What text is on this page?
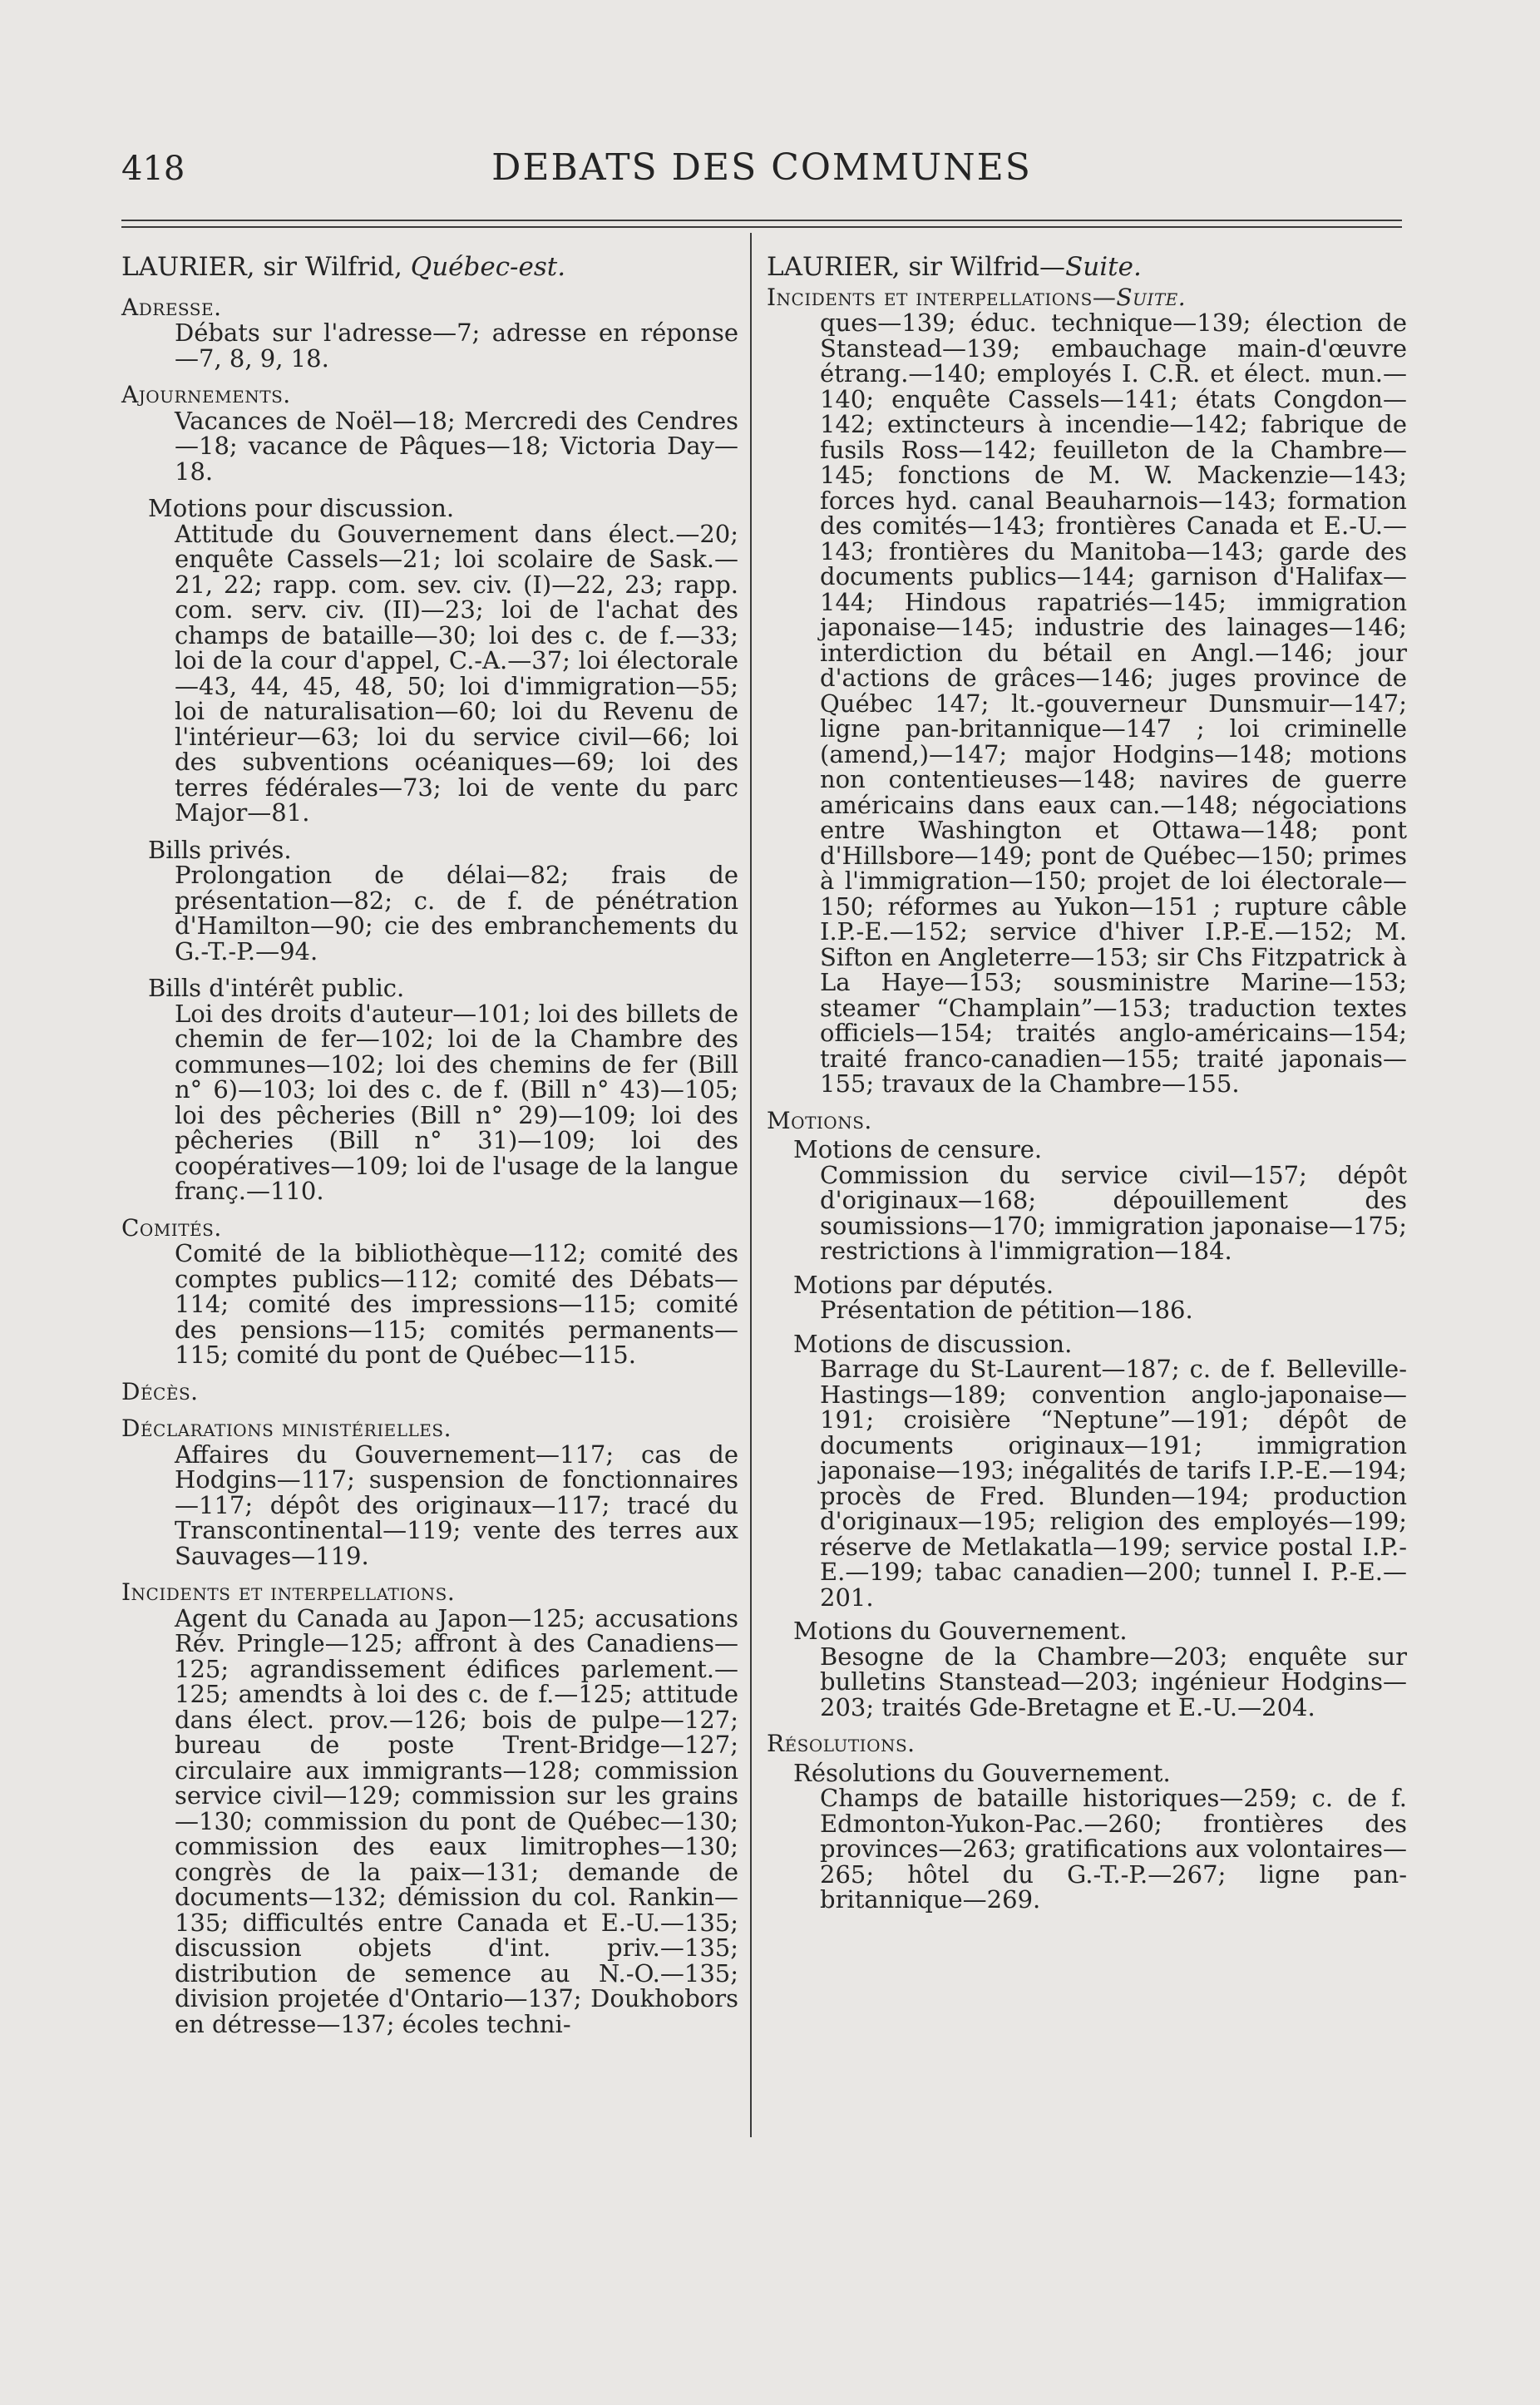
418	DEBATS DES COMMUNES
LAURIER, sir Wilfrid, Québec-est.
Adresse.
Débats sur l'adresse—7; adresse en réponse—7, 8, 9, 18.
Ajournements.
Vacances de Noël—18; Mercredi des Cendres—18; vacance de Pâques—18; Victoria Day—18.
Motions pour discussion.
Attitude du Gouvernement dans élect.—20; enquête Cassels—21; loi scolaire de Sask.—21, 22; rapp. com. sev. civ. (I)—22, 23; rapp. com. serv. civ. (II)—23; loi de l'achat des champs de bataille—30; loi des c. de f.—33; loi de la cour d'appel, C.-A.—37; loi électorale—43, 44, 45, 48, 50; loi d'immigration—55; loi de naturalisation—60; loi du Revenu de l'intérieur—63; loi du service civil—66; loi des subventions océaniques—69; loi des terres fédérales—73; loi de vente du parc Major—81.
Bills privés.
Prolongation de délai—82; frais de présentation—82; c. de f. de pénétration d'Hamilton—90; cie des embranchements du G.-T.-P.—94.
Bills d'intérêt public.
Loi des droits d'auteur—101; loi des billets de chemin de fer—102; loi de la Chambre des communes—102; loi des chemins de fer (Bill n° 6)—103; loi des c. de f. (Bill n° 43)—105; loi des pêcheries (Bill n° 29)—109; loi des pêcheries (Bill n° 31)—109; loi des coopératives—109; loi de l'usage de la langue franç.—110.
Comités.
Comité de la bibliothèque—112; comité des comptes publics—112; comité des Débats—114; comité des impressions—115; comité des pensions—115; comités permanents—115; comité du pont de Québec—115.
Décès.
Déclarations ministérielles.
Affaires du Gouvernement—117; cas de Hodgins—117; suspension de fonctionnaires—117; dépôt des originaux—117; tracé du Transcontinental—119; vente des terres aux Sauvages—119.
Incidents et interpellations.
Agent du Canada au Japon—125; accusations Rév. Pringle—125; affront à des Canadiens—125; agrandissement édifices parlement.—125; amendts à loi des c. de f.—125; attitude dans élect. prov.—126; bois de pulpe—127; bureau de poste Trent-Bridge—127; circulaire aux immigrants—128; commission service civil—129; commission sur les grains—130; commission du pont de Québec—130; commission des eaux limitrophes—130; congrès de la paix—131; demande de documents—132; démission du col. Rankin—135; difficultés entre Canada et E.-U.—135; discussion objets d'int. priv.—135; distribution de semence au N.-O.—135; division projetée d'Ontario—137; Doukhobors en détresse—137; écoles techni-
LAURIER, sir Wilfrid—Suite.
Incidents et interpellations—Suite.
ques—139; éduc. technique—139; élection de Stanstead—139; embauchage main-d'œuvre étrang.—140; employés I. C.R. et élect. mun.—140; enquête Cassels—141; états Congdon—142; extincteurs à incendie—142; fabrique de fusils Ross—142; feuilleton de la Chambre—145; fonctions de M. W. Mackenzie—143; forces hyd. canal Beauharnois—143; formation des comités—143; frontières Canada et E.-U.—143; frontières du Manitoba—143; garde des documents publics—144; garnison d'Halifax—144; Hindous rapatriés—145; immigration japonaise—145; industrie des lainages—146; interdiction du bétail en Angl.—146; jour d'actions de grâces—146; juges province de Québec 147; lt.-gouverneur Dunsmuir—147; ligne pan-britannique—147 ; loi criminelle (amend,)—147; major Hodgins—148; motions non contentieuses—148; navires de guerre américains dans eaux can.—148; négociations entre Washington et Ottawa—148; pont d'Hillsbore—149; pont de Québec—150; primes à l'immigration—150; projet de loi électorale—150; réformes au Yukon—151 ; rupture câble I.P.-E.—152; service d'hiver I.P.-E.—152; M. Sifton en Angleterre—153; sir Chs Fitzpatrick à La Haye—153; sousministre Marine—153; steamer “Champlain”—153; traduction textes officiels—154; traités anglo-américains—154; traité franco-canadien—155; traité japonais—155; travaux de la Chambre—155.
Motions.
Motions de censure.
Commission du service civil—157; dépôt d'originaux—168; dépouillement des soumissions—170; immigration japonaise—175; restrictions à l'immigration—184.
Motions par députés.
Présentation de pétition—186.
Motions de discussion.
Barrage du St-Laurent—187; c. de f. Belleville-Hastings—189; convention anglo-japonaise—191; croisière “Neptune”—191; dépôt de documents originaux—191; immigration japonaise—193; inégalités de tarifs I.P.-E.—194; procès de Fred. Blunden—194; production d'originaux—195; religion des employés—199; réserve de Metlakatla—199; service postal I.P.-E.—199; tabac canadien—200; tunnel I. P.-E.—201.
Motions du Gouvernement.
Besogne de la Chambre—203; enquête sur bulletins Stanstead—203; ingénieur Hodgins—203; traités Gde-Bretagne et E.-U.—204.
Résolutions.
Résolutions du Gouvernement.
Champs de bataille historiques—259; c. de f. Edmonton-Yukon-Pac.—260; frontières des provinces—263; gratifications aux volontaires—265; hôtel du G.-T.-P.—267; ligne pan-britannique—269.
